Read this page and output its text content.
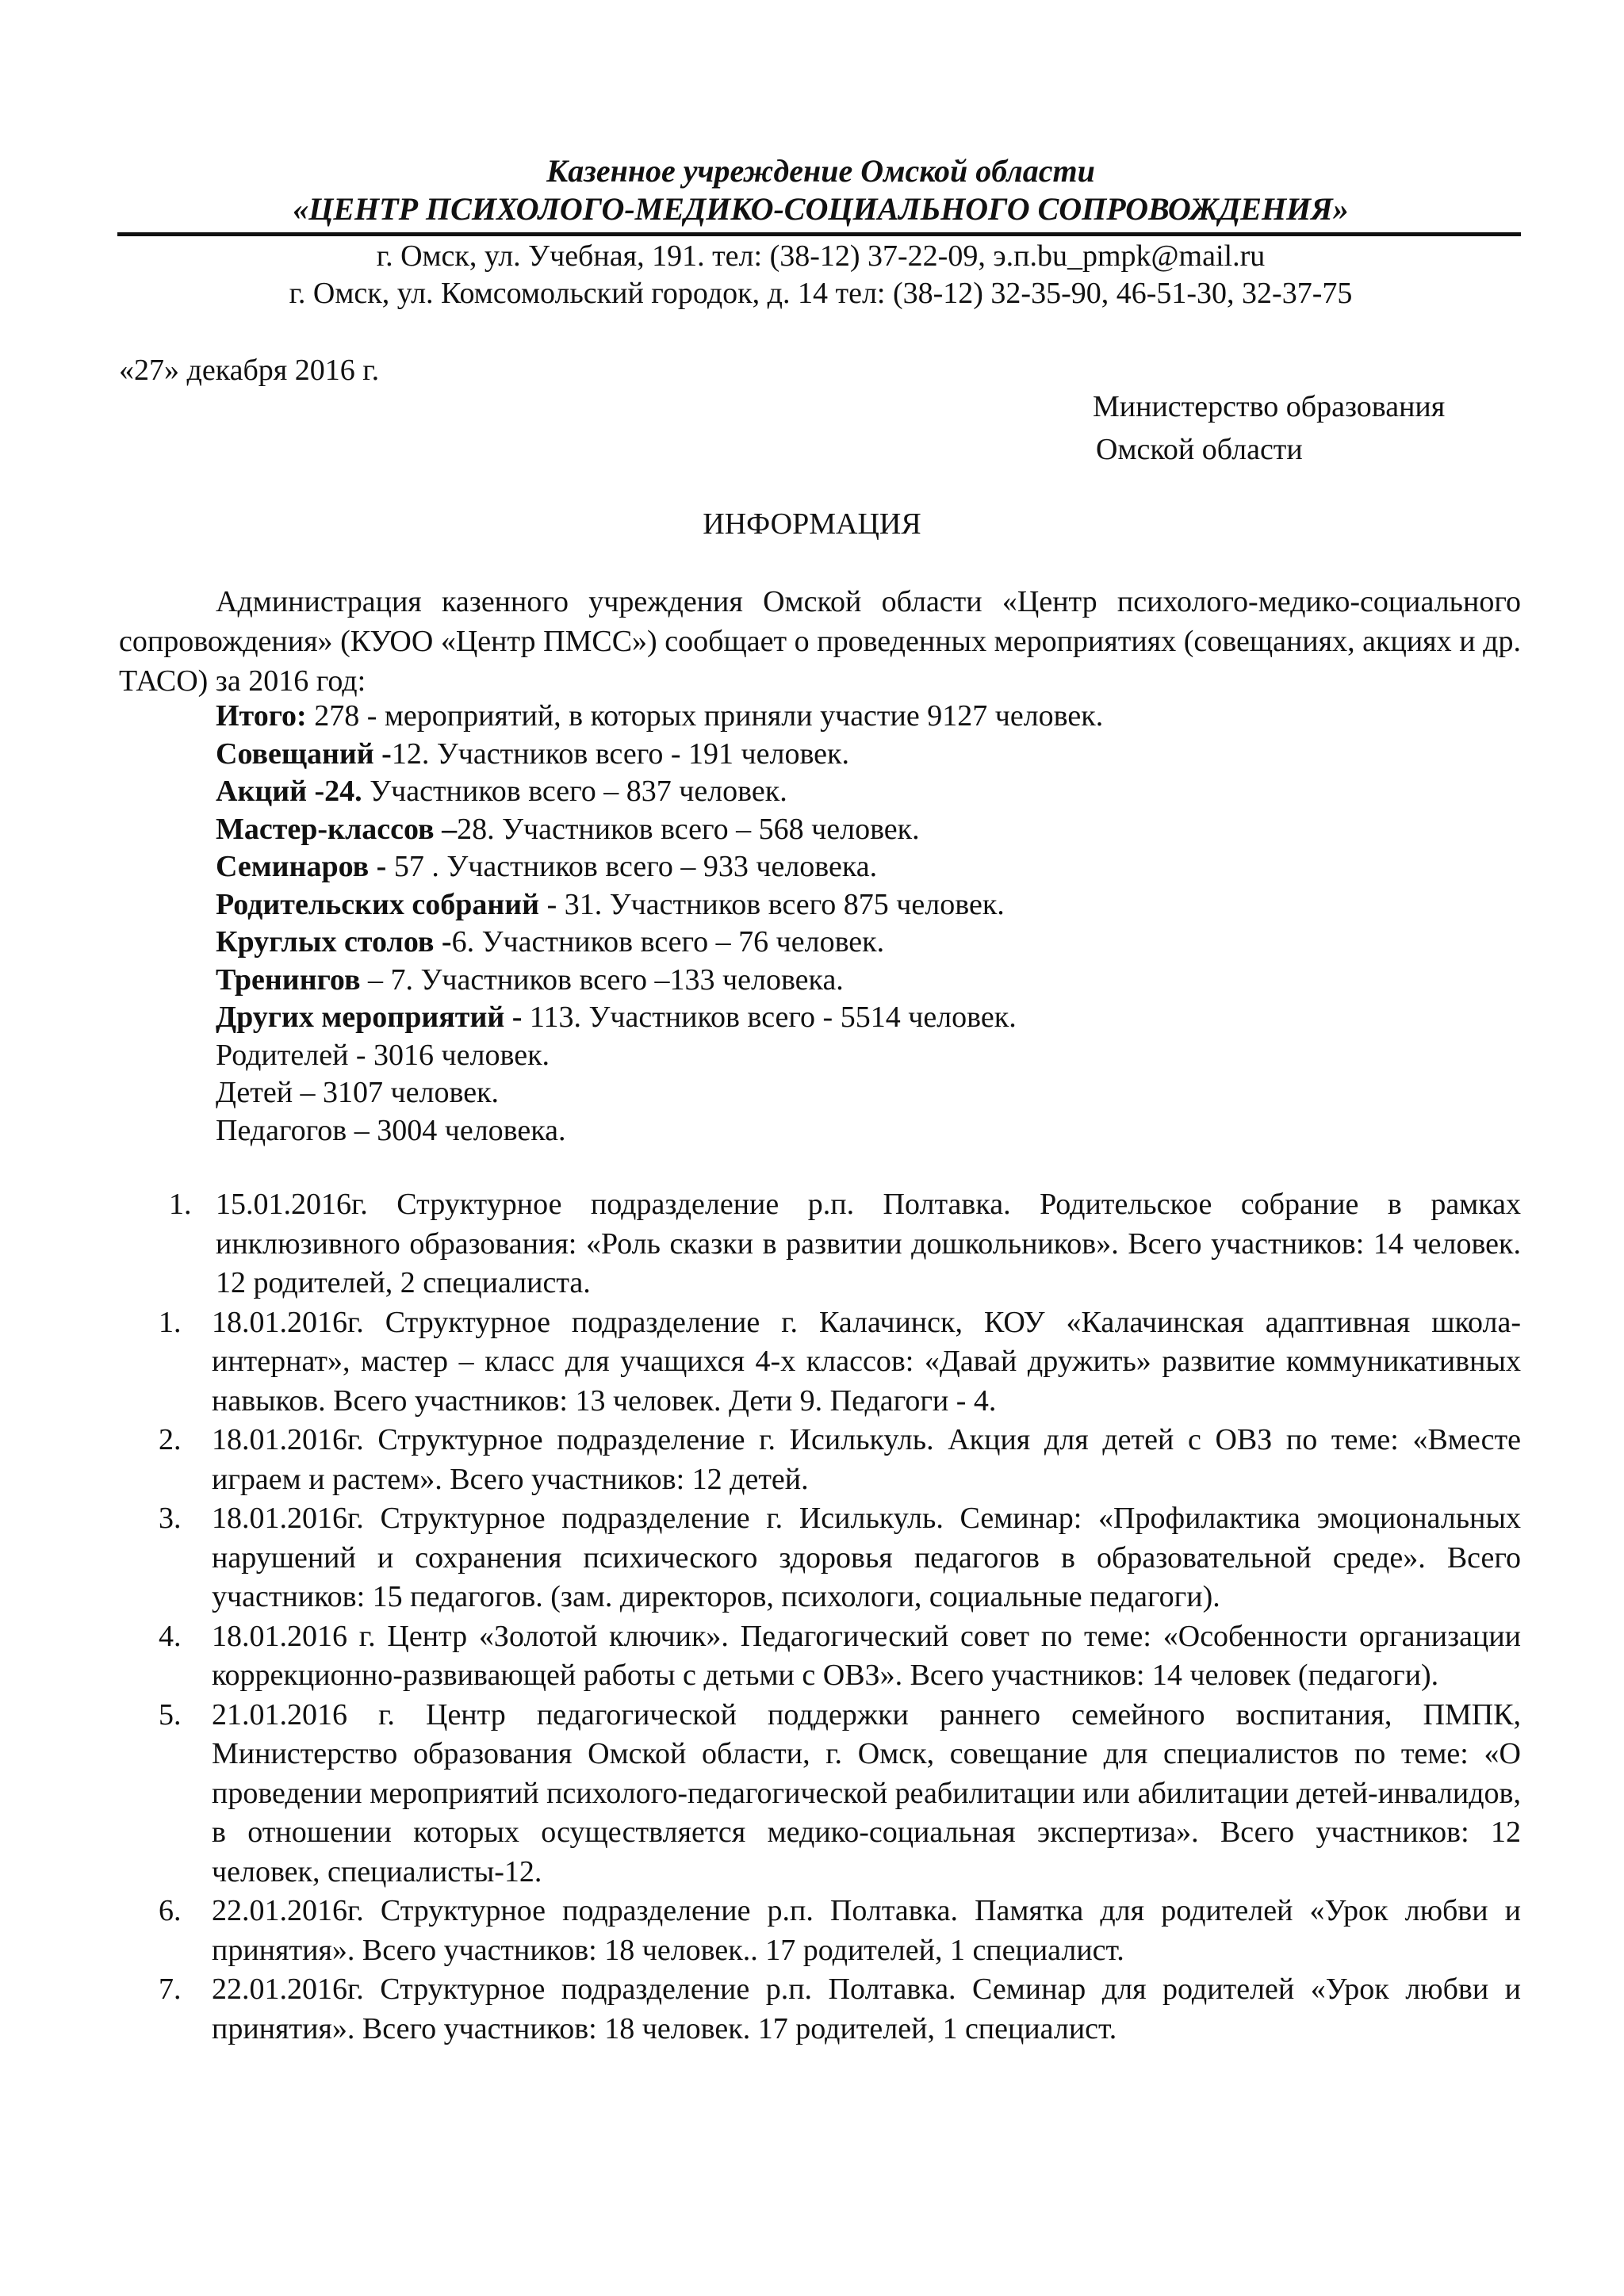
Казенное учреждение Омской области

«ЦЕНТР ПСИХОЛОГО-МЕДИКО-СОЦИАЛЬНОГО СОПРОВОЖДЕНИЯ»

г. Омск, ул. Учебная, 191. тел: (38-12) 37-22-09, э.п.bu_pmpk@mail.ru

г. Омск, ул. Комсомольский городок, д. 14 тел: (38-12) 32-35-90, 46-51-30, 32-37-75

«27» декабря 2016 г.

Министерство образования
Омской области

ИНФОРМАЦИЯ

Администрация казенного учреждения Омской области «Центр психолого-медико-социального сопровождения» (КУОО «Центр ПМСС») сообщает о проведенных мероприятиях (совещаниях, акциях и др. ТАСО) за 2016 год:

Итого: 278 - мероприятий, в которых приняли участие 9127 человек.
Совещаний -12. Участников всего - 191 человек.
Акций -24. Участников всего – 837 человек.
Мастер-классов –28. Участников всего – 568 человек.
Семинаров - 57 . Участников всего – 933 человека.
Родительских собраний - 31. Участников всего 875 человек.
Круглых столов -6. Участников всего – 76 человек.
Тренингов – 7. Участников всего –133 человека.
Других мероприятий - 113. Участников всего - 5514 человек.
Родителей - 3016 человек.
Детей – 3107 человек.
Педагогов – 3004 человека.
1. 15.01.2016г. Структурное подразделение р.п. Полтавка. Родительское собрание в рамках инклюзивного образования: «Роль сказки в развитии дошкольников». Всего участников: 14 человек. 12 родителей, 2 специалиста.
1. 18.01.2016г. Структурное подразделение г. Калачинск, КОУ «Калачинская адаптивная школа-интернат», мастер – класс для учащихся 4-х классов: «Давай дружить» развитие коммуникативных навыков. Всего участников: 13 человек. Дети 9. Педагоги - 4.
2. 18.01.2016г. Структурное подразделение г. Исилькуль. Акция для детей с ОВЗ по теме: «Вместе играем и растем». Всего участников: 12 детей.
3. 18.01.2016г. Структурное подразделение г. Исилькуль. Семинар: «Профилактика эмоциональных нарушений и сохранения психического здоровья педагогов в образовательной среде». Всего участников: 15 педагогов. (зам. директоров, психологи, социальные педагоги).
4. 18.01.2016 г. Центр «Золотой ключик». Педагогический совет по теме: «Особенности организации коррекционно-развивающей работы с детьми с ОВЗ». Всего участников: 14 человек (педагоги).
5. 21.01.2016 г. Центр педагогической поддержки раннего семейного воспитания, ПМПК, Министерство образования Омской области, г. Омск, совещание для специалистов по теме: «О проведении мероприятий психолого-педагогической реабилитации или абилитации детей-инвалидов, в отношении которых осуществляется медико-социальная экспертиза». Всего участников: 12 человек, специалисты-12.
6. 22.01.2016г. Структурное подразделение р.п. Полтавка. Памятка для родителей «Урок любви и принятия». Всего участников: 18 человек.. 17 родителей, 1 специалист.
7. 22.01.2016г. Структурное подразделение р.п. Полтавка. Семинар для родителей «Урок любви и принятия». Всего участников: 18 человек. 17 родителей, 1 специалист.
